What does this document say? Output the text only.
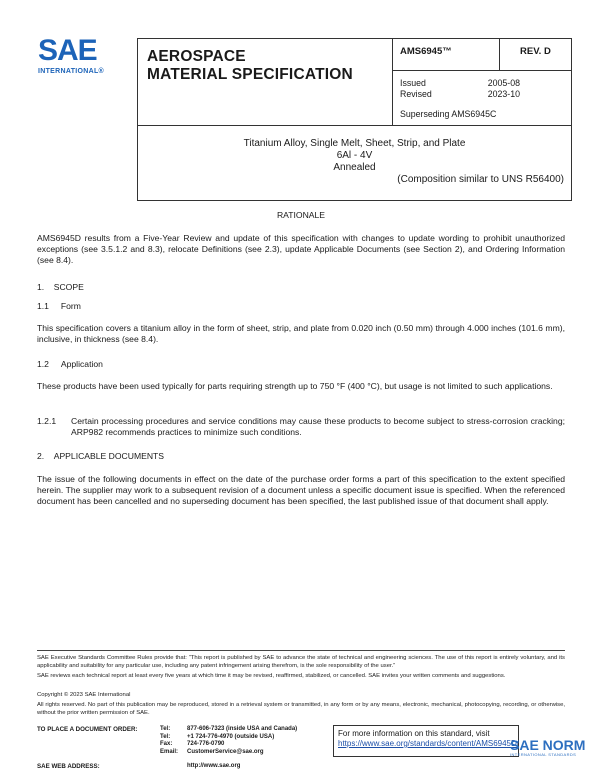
SAE
INTERNATIONAL®
AEROSPACE
MATERIAL SPECIFICATION
AMS6945™	REV. D
Issued	2005-08
Revised	2023-10
Superseding AMS6945C
Titanium Alloy, Single Melt, Sheet, Strip, and Plate
6Al - 4V
Annealed
(Composition similar to UNS R56400)
RATIONALE
AMS6945D results from a Five-Year Review and update of this specification with changes to update wording to prohibit unauthorized exceptions (see 3.5.1.2 and 8.3), relocate Definitions (see 2.3), update Applicable Documents (see Section 2), and Ordering Information (see 8.4).
1.    SCOPE
1.1     Form
This specification covers a titanium alloy in the form of sheet, strip, and plate from 0.020 inch (0.50 mm) through 4.000 inches (101.6 mm), inclusive, in thickness (see 8.4).
1.2     Application
These products have been used typically for parts requiring strength up to 750 °F (400 °C), but usage is not limited to such applications.
1.2.1	Certain processing procedures and service conditions may cause these products to become subject to stress-corrosion cracking; ARP982 recommends practices to minimize such conditions.
2.    APPLICABLE DOCUMENTS
The issue of the following documents in effect on the date of the purchase order forms a part of this specification to the extent specified herein. The supplier may work to a subsequent revision of a document unless a specific document issue is specified. When the referenced document has been cancelled and no superseding document has been specified, the last published issue of that document shall apply.
SAE Executive Standards Committee Rules provide that: “This report is published by SAE to advance the state of technical and engineering sciences. The use of this report is entirely voluntary, and its applicability and suitability for any particular use, including any patent infringement arising therefrom, is the sole responsibility of the user.”
SAE reviews each technical report at least every five years at which time it may be revised, reaffirmed, stabilized, or cancelled. SAE invites your written comments and suggestions.
Copyright © 2023 SAE International
All rights reserved. No part of this publication may be reproduced, stored in a retrieval system or transmitted, in any form or by any means, electronic, mechanical, photocopying, recording, or otherwise, without the prior written permission of SAE.
TO PLACE A DOCUMENT ORDER:	Tel:	877-606-7323 (inside USA and Canada)
Tel:	+1 724-776-4970 (outside USA)
Fax:	724-776-0790
Email:	CustomerService@sae.org
SAE WEB ADDRESS:	http://www.sae.org
For more information on this standard, visit
https://www.sae.org/standards/content/AMS6945D/
SAE NORM
INTERNATIONAL STANDARDS
